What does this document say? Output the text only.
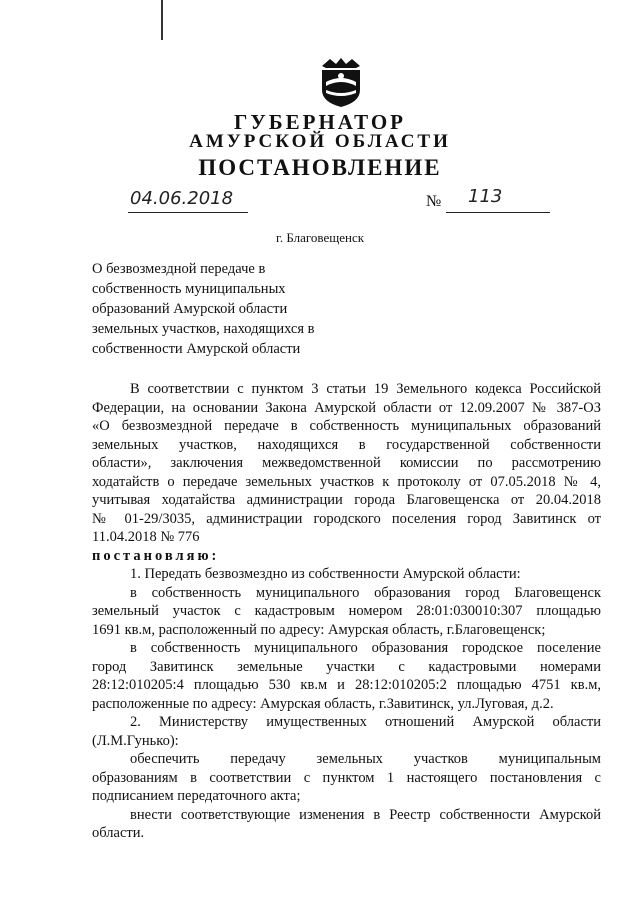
ГУБЕРНАТОР
АМУРСКОЙ ОБЛАСТИ
ПОСТАНОВЛЕНИЕ
04.06.2018	№ 113
г. Благовещенск
О безвозмездной передаче в
собственность муниципальных
образований Амурской области
земельных участков, находящихся в
собственности Амурской области
В соответствии с пунктом 3 статьи 19 Земельного кодекса Российской
Федерации, на основании Закона Амурской области от 12.09.2007 № 387-ОЗ
«О безвозмездной передаче в собственность муниципальных образований
земельных участков, находящихся в государственной собственности
области», заключения межведомственной комиссии по рассмотрению
ходатайств о передаче земельных участков к протоколу от 07.05.2018 № 4,
учитывая ходатайства администрации города Благовещенска от 20.04.2018
№ 01-29/3035, администрации городского поселения город Завитинск от
11.04.2018 № 776
постановляю:
1. Передать безвозмездно из собственности Амурской области:
в собственность муниципального образования город Благовещенск
земельный участок с кадастровым номером 28:01:030010:307 площадью
1691 кв.м, расположенный по адресу: Амурская область, г.Благовещенск;
в собственность муниципального образования городское поселение
город Завитинск земельные участки с кадастровыми номерами
28:12:010205:4 площадью 530 кв.м и 28:12:010205:2 площадью 4751 кв.м,
расположенные по адресу: Амурская область, г.Завитинск, ул.Луговая, д.2.
2. Министерству имущественных отношений Амурской области
(Л.М.Гунько):
обеспечить передачу земельных участков муниципальным
образованиям в соответствии с пунктом 1 настоящего постановления с
подписанием передаточного акта;
внести соответствующие изменения в Реестр собственности Амурской
области.
